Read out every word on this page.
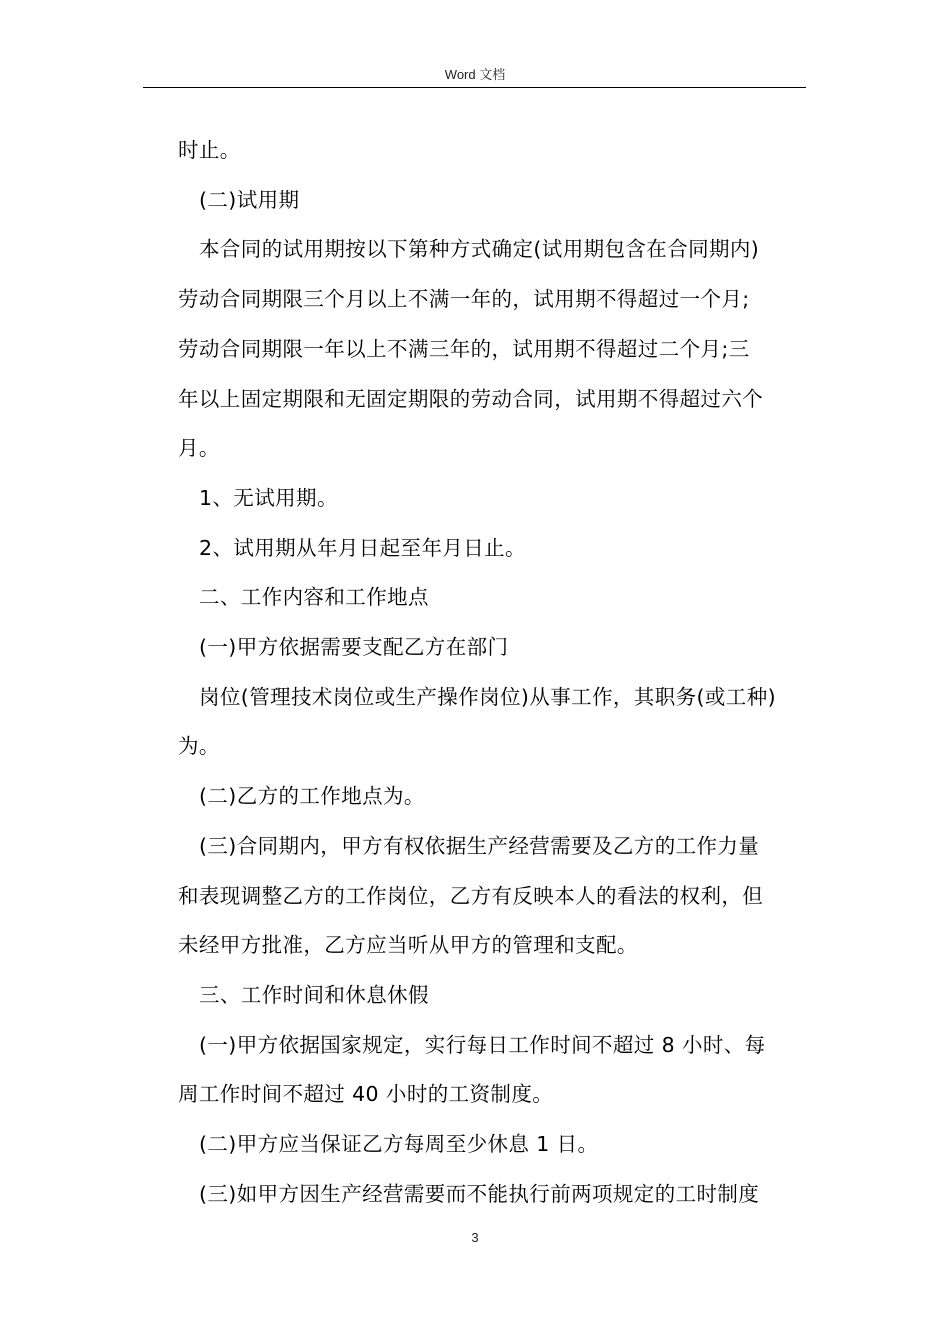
Word 文档

时止。

(二)试用期

本合同的试用期按以下第种方式确定(试用期包含在合同期内)

劳动合同期限三个月以上不满一年的，试用期不得超过一个月;

劳动合同期限一年以上不满三年的，试用期不得超过二个月;三

年以上固定期限和无固定期限的劳动合同，试用期不得超过六个

月。

1、无试用期。

2、试用期从年月日起至年月日止。

二、工作内容和工作地点

(一)甲方依据需要支配乙方在部门

岗位(管理技术岗位或生产操作岗位)从事工作，其职务(或工种)

为。

(二)乙方的工作地点为。

(三)合同期内，甲方有权依据生产经营需要及乙方的工作力量

和表现调整乙方的工作岗位，乙方有反映本人的看法的权利，但

未经甲方批准，乙方应当听从甲方的管理和支配。

三、工作时间和休息休假

(一)甲方依据国家规定，实行每日工作时间不超过 8 小时、每

周工作时间不超过 40 小时的工资制度。

(二)甲方应当保证乙方每周至少休息 1 日。

(三)如甲方因生产经营需要而不能执行前两项规定的工时制度

3
